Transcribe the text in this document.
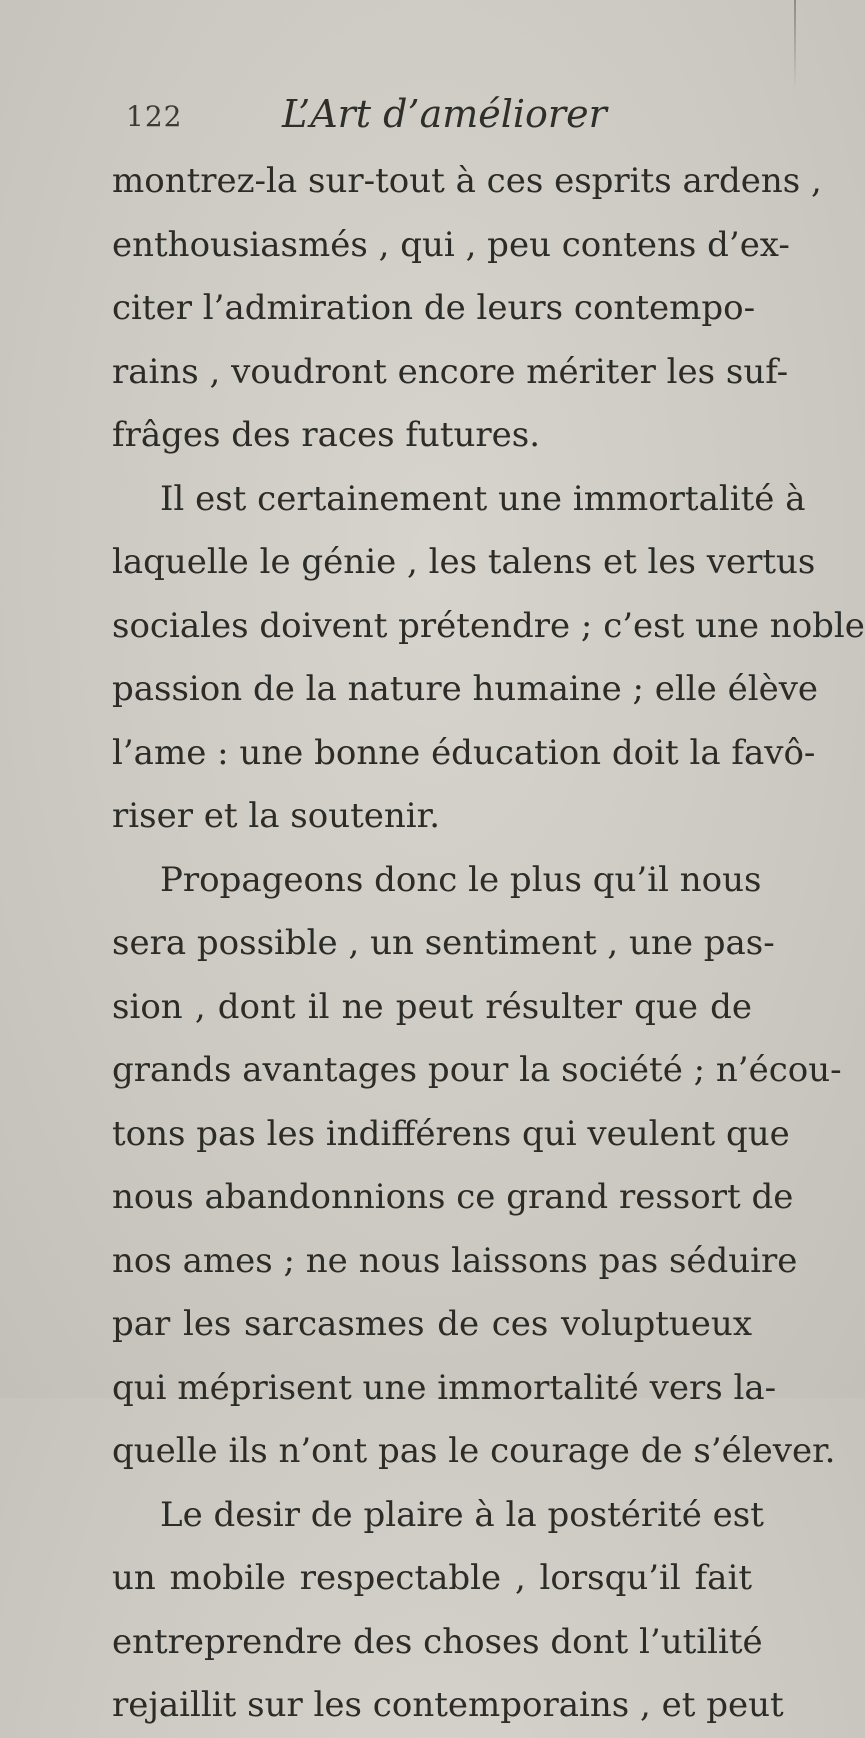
122	L’Art d’améliorer
montrez-la sur-tout à ces esprits ardens ,
enthousiasmés , qui , peu contens d’ex-
citer l’admiration de leurs contempo-
rains , voudront encore mériter les suf-
frâges des races futures.
Il est certainement une immortalité à
laquelle le génie , les talens et les vertus
sociales doivent prétendre ; c’est une noble
passion de la nature humaine ; elle élève
l’ame : une bonne éducation doit la favô-
riser et la soutenir.
Propageons donc le plus qu’il nous
sera possible , un sentiment , une pas-
sion , dont il ne peut résulter que de
grands avantages pour la société ; n’écou-
tons pas les indifférens qui veulent que
nous abandonnions ce grand ressort de
nos ames ; ne nous laissons pas séduire
par les sarcasmes de ces voluptueux
qui méprisent une immortalité vers la-
quelle ils n’ont pas le courage de s’élever.
Le desir de plaire à la postérité est
un mobile respectable , lorsqu’il fait
entreprendre des choses dont l’utilité
rejaillit sur les contemporains , et peut
